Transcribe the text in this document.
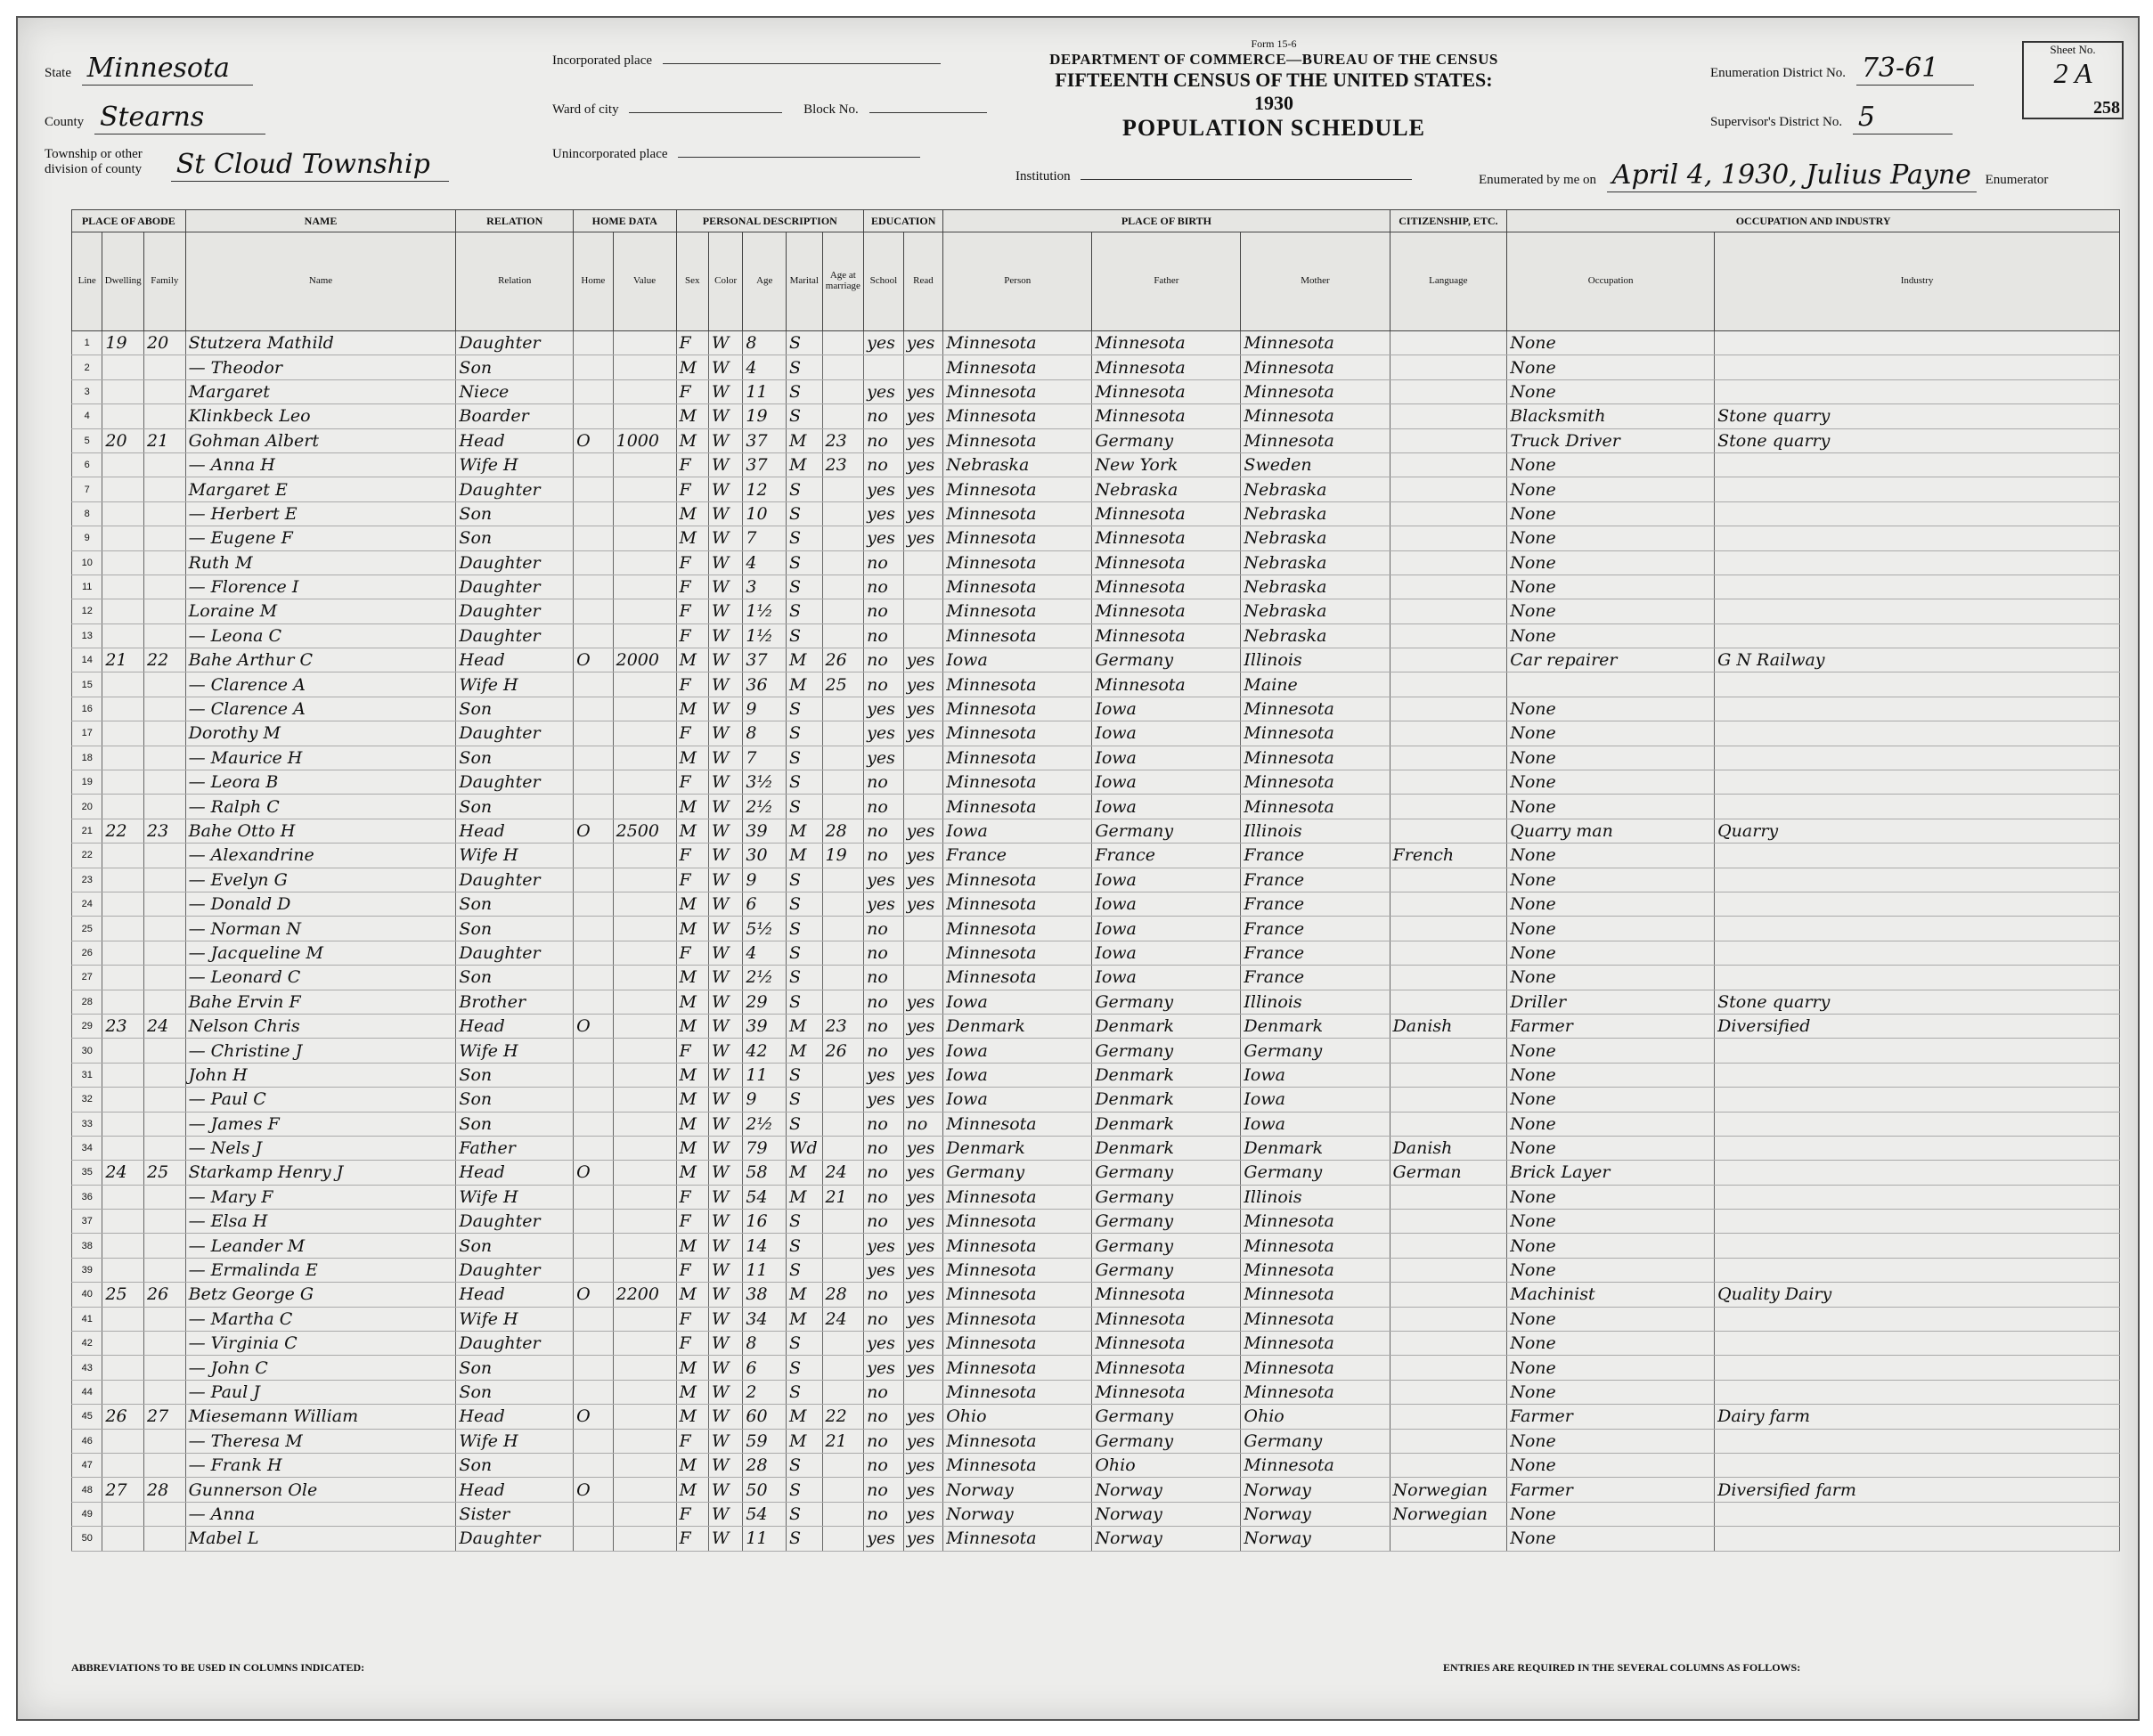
State Minnesota
County Stearns
Township or other division of county St Cloud Township
Incorporated place
Ward of city	Block No.
Unincorporated place
Institution
Form 15-6
DEPARTMENT OF COMMERCE—BUREAU OF THE CENSUS
FIFTEENTH CENSUS OF THE UNITED STATES: 1930
POPULATION SCHEDULE
Enumeration District No. 73-61
Supervisor's District No. 5
Enumerated by me on April 4, 1930, Julius Payne Enumerator
Sheet No.
2 A
258
PLACE OF ABODE			NAME	RELATION	HOME DATA		PERSONAL DESCRIPTION					EDUCATION		PLACE OF BIRTH			CITIZENSHIP, ETC.	OCCUPATION AND INDUSTRY	
Line	Dwelling	Family	Name	Relation	Home	Value	Sex	Color	Age	Marital	Age at marriage	School	Read	Person	Father	Mother	Language	Occupation	Industry
1	19	20	Stutzera Mathild	Daughter			F	W	8	S		yes	yes	Minnesota	Minnesota	Minnesota		None	
2			— Theodor	Son			M	W	4	S				Minnesota	Minnesota	Minnesota		None	
3			Margaret	Niece			F	W	11	S		yes	yes	Minnesota	Minnesota	Minnesota		None	
4			Klinkbeck Leo	Boarder			M	W	19	S		no	yes	Minnesota	Minnesota	Minnesota		Blacksmith	Stone quarry
5	20	21	Gohman Albert	Head	O	1000	M	W	37	M	23	no	yes	Minnesota	Germany	Minnesota		Truck Driver	Stone quarry
6			— Anna H	Wife H			F	W	37	M	23	no	yes	Nebraska	New York	Sweden		None	
7			Margaret E	Daughter			F	W	12	S		yes	yes	Minnesota	Nebraska	Nebraska		None	
8			— Herbert E	Son			M	W	10	S		yes	yes	Minnesota	Minnesota	Nebraska		None	
9			— Eugene F	Son			M	W	7	S		yes	yes	Minnesota	Minnesota	Nebraska		None	
10			Ruth M	Daughter			F	W	4	S		no		Minnesota	Minnesota	Nebraska		None	
11			— Florence I	Daughter			F	W	3	S		no		Minnesota	Minnesota	Nebraska		None	
12			Loraine M	Daughter			F	W	1½	S		no		Minnesota	Minnesota	Nebraska		None	
13			— Leona C	Daughter			F	W	1½	S		no		Minnesota	Minnesota	Nebraska		None	
14	21	22	Bahe Arthur C	Head	O	2000	M	W	37	M	26	no	yes	Iowa	Germany	Illinois		Car repairer	G N Railway
15			— Clarence A	Wife H			F	W	36	M	25	no	yes	Minnesota	Minnesota	Maine			
16			— Clarence A	Son			M	W	9	S		yes	yes	Minnesota	Iowa	Minnesota		None	
17			Dorothy M	Daughter			F	W	8	S		yes	yes	Minnesota	Iowa	Minnesota		None	
18			— Maurice H	Son			M	W	7	S		yes		Minnesota	Iowa	Minnesota		None	
19			— Leora B	Daughter			F	W	3½	S		no		Minnesota	Iowa	Minnesota		None	
20			— Ralph C	Son			M	W	2½	S		no		Minnesota	Iowa	Minnesota		None	
21	22	23	Bahe Otto H	Head	O	2500	M	W	39	M	28	no	yes	Iowa	Germany	Illinois		Quarry man	Quarry
22			— Alexandrine	Wife H			F	W	30	M	19	no	yes	France	France	France	French	None	
23			— Evelyn G	Daughter			F	W	9	S		yes	yes	Minnesota	Iowa	France		None	
24			— Donald D	Son			M	W	6	S		yes	yes	Minnesota	Iowa	France		None	
25			— Norman N	Son			M	W	5½	S		no		Minnesota	Iowa	France		None	
26			— Jacqueline M	Daughter			F	W	4	S		no		Minnesota	Iowa	France		None	
27			— Leonard C	Son			M	W	2½	S		no		Minnesota	Iowa	France		None	
28			Bahe Ervin F	Brother			M	W	29	S		no	yes	Iowa	Germany	Illinois		Driller	Stone quarry
29	23	24	Nelson Chris	Head	O		M	W	39	M	23	no	yes	Denmark	Denmark	Denmark	Danish	Farmer	Diversified
30			— Christine J	Wife H			F	W	42	M	26	no	yes	Iowa	Germany	Germany		None	
31			John H	Son			M	W	11	S		yes	yes	Iowa	Denmark	Iowa		None	
32			— Paul C	Son			M	W	9	S		yes	yes	Iowa	Denmark	Iowa		None	
33			— James F	Son			M	W	2½	S		no	no	Minnesota	Denmark	Iowa		None	
34			— Nels J	Father			M	W	79	Wd		no	yes	Denmark	Denmark	Denmark	Danish	None	
35	24	25	Starkamp Henry J	Head	O		M	W	58	M	24	no	yes	Germany	Germany	Germany	German	Brick Layer	
36			— Mary F	Wife H			F	W	54	M	21	no	yes	Minnesota	Germany	Illinois		None	
37			— Elsa H	Daughter			F	W	16	S		no	yes	Minnesota	Germany	Minnesota		None	
38			— Leander M	Son			M	W	14	S		yes	yes	Minnesota	Germany	Minnesota		None	
39			— Ermalinda E	Daughter			F	W	11	S		yes	yes	Minnesota	Germany	Minnesota		None	
40	25	26	Betz George G	Head	O	2200	M	W	38	M	28	no	yes	Minnesota	Minnesota	Minnesota		Machinist	Quality Dairy
41			— Martha C	Wife H			F	W	34	M	24	no	yes	Minnesota	Minnesota	Minnesota		None	
42			— Virginia C	Daughter			F	W	8	S		yes	yes	Minnesota	Minnesota	Minnesota		None	
43			— John C	Son			M	W	6	S		yes	yes	Minnesota	Minnesota	Minnesota		None	
44			— Paul J	Son			M	W	2	S		no		Minnesota	Minnesota	Minnesota		None	
45	26	27	Miesemann William	Head	O		M	W	60	M	22	no	yes	Ohio	Germany	Ohio		Farmer	Dairy farm
46			— Theresa M	Wife H			F	W	59	M	21	no	yes	Minnesota	Germany	Germany		None	
47			— Frank H	Son			M	W	28	S		no	yes	Minnesota	Ohio	Minnesota		None	
48	27	28	Gunnerson Ole	Head	O		M	W	50	S		no	yes	Norway	Norway	Norway	Norwegian	Farmer	Diversified farm
49			— Anna	Sister			F	W	54	S		no	yes	Norway	Norway	Norway	Norwegian	None	
50			Mabel L	Daughter			F	W	11	S		yes	yes	Minnesota	Norway	Norway		None	
ABBREVIATIONS TO BE USED IN COLUMNS INDICATED:	ENTRIES ARE REQUIRED IN THE SEVERAL COLUMNS AS FOLLOWS:
